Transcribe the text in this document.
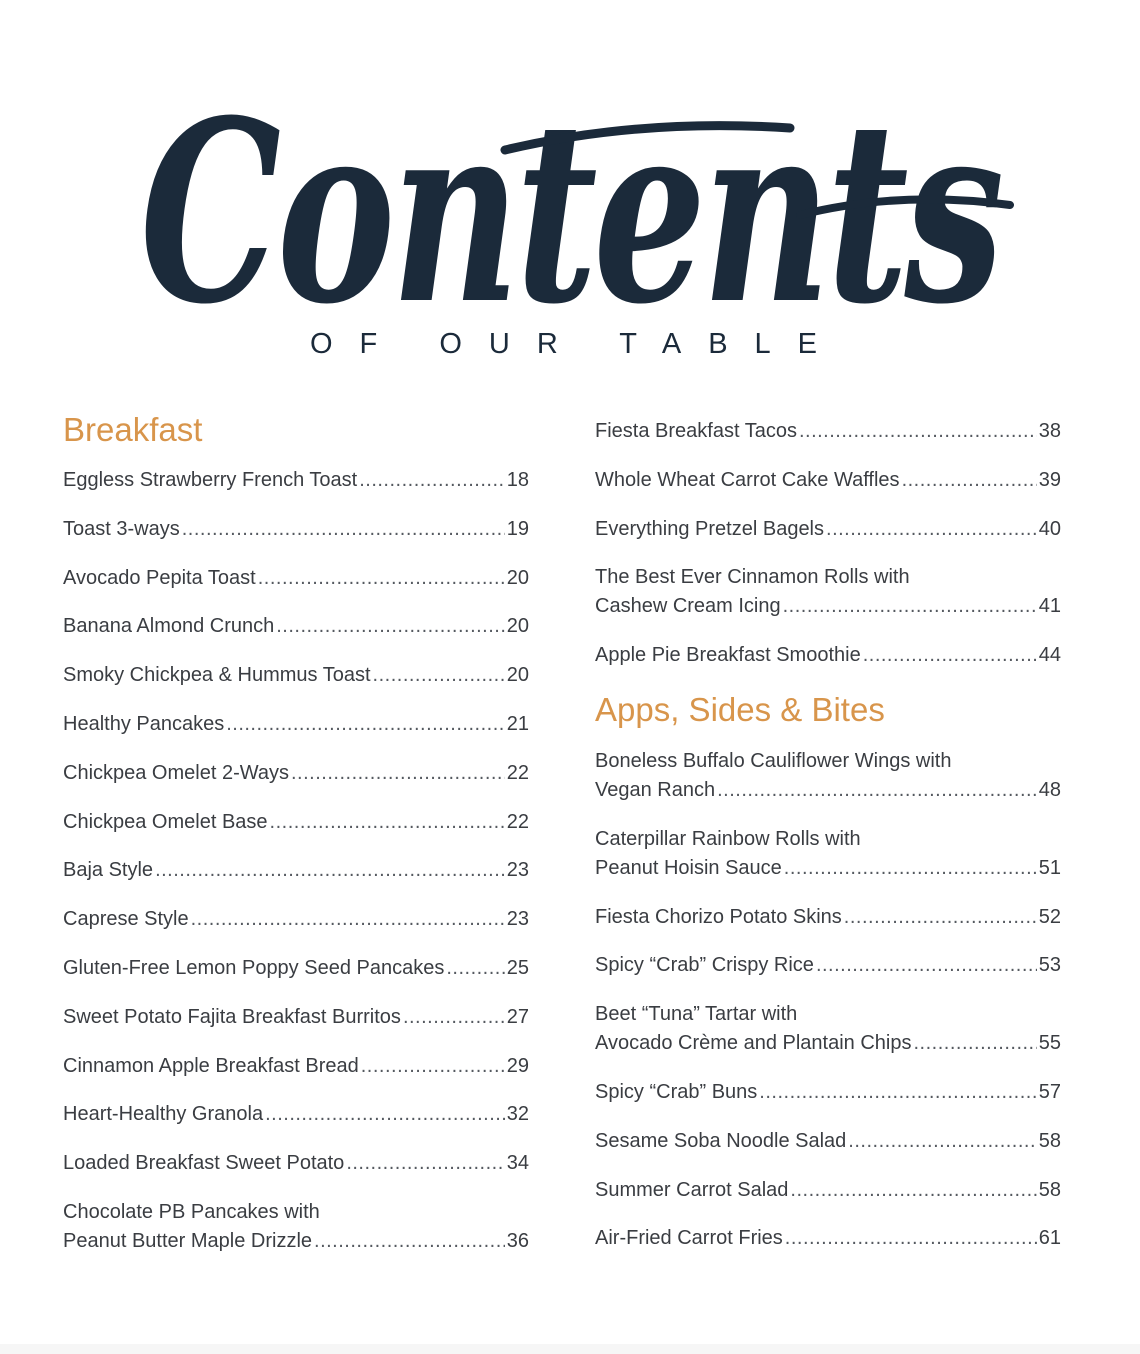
Contents
OF OUR TABLE
Breakfast
Eggless Strawberry French Toast .....	18
Toast 3-ways .....	19
Avocado Pepita Toast .....	20
Banana Almond Crunch .....	20
Smoky Chickpea & Hummus Toast .....	20
Healthy Pancakes .....	21
Chickpea Omelet 2-Ways .....	22
Chickpea Omelet Base .....	22
Baja Style .....	23
Caprese Style .....	23
Gluten-Free Lemon Poppy Seed Pancakes .....	25
Sweet Potato Fajita Breakfast Burritos .....	27
Cinnamon Apple Breakfast Bread .....	29
Heart-Healthy Granola .....	32
Loaded Breakfast Sweet Potato .....	34
Chocolate PB Pancakes with
Peanut Butter Maple Drizzle .....	36
Fiesta Breakfast Tacos .....	38
Whole Wheat Carrot Cake Waffles .....	39
Everything Pretzel Bagels .....	40
The Best Ever Cinnamon Rolls with
Cashew Cream Icing .....	41
Apple Pie Breakfast Smoothie .....	44
Apps, Sides & Bites
Boneless Buffalo Cauliflower Wings with
Vegan Ranch .....	48
Caterpillar Rainbow Rolls with
Peanut Hoisin Sauce .....	51
Fiesta Chorizo Potato Skins .....	52
Spicy “Crab” Crispy Rice .....	53
Beet “Tuna” Tartar with
Avocado Crème and Plantain Chips .....	55
Spicy “Crab” Buns .....	57
Sesame Soba Noodle Salad .....	58
Summer Carrot Salad .....	58
Air-Fried Carrot Fries .....	61
